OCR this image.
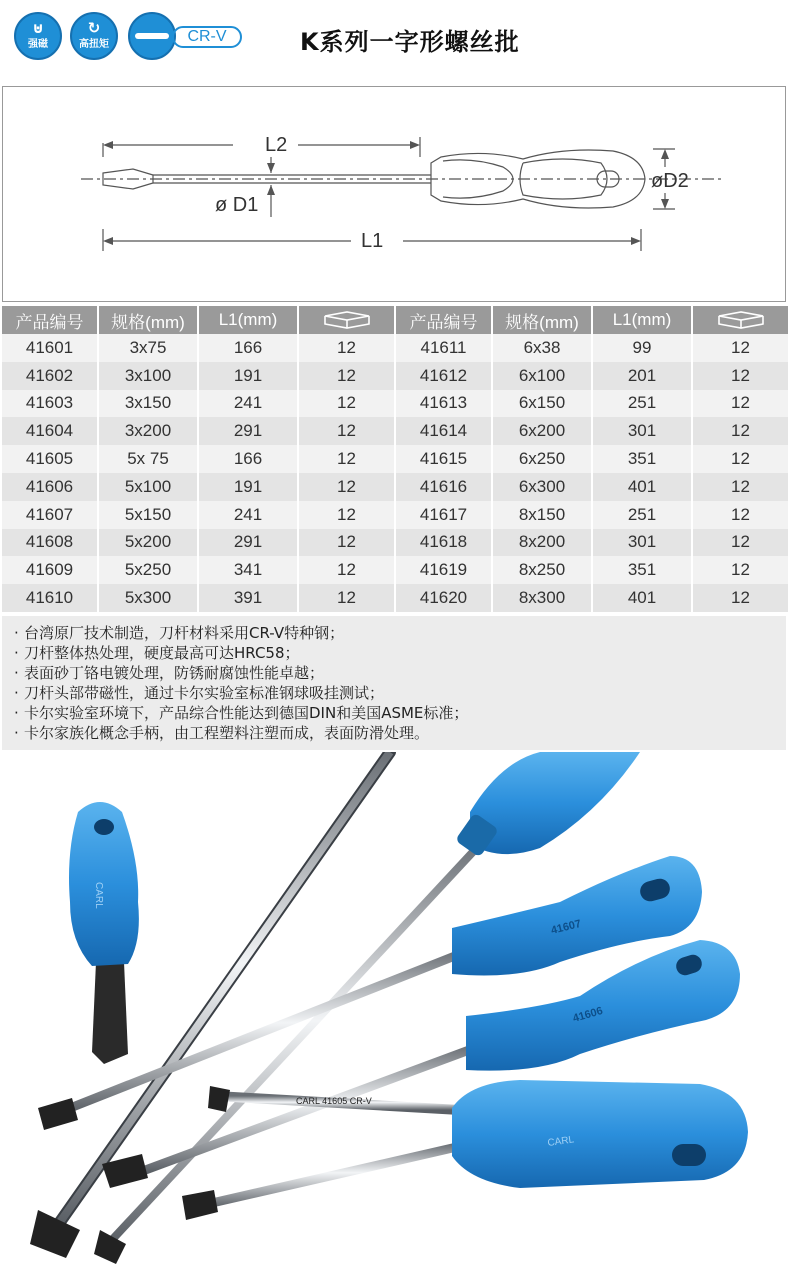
⊍
强磁
↻
高扭矩	CR-V	K系列一字形螺丝批
L2
ø D1
øD2
L1
产品编号	规格(mm)	L1(mm)	
41601	3x75	166	12
41602	3x100	191	12
41603	3x150	241	12
41604	3x200	291	12
41605	5x 75	166	12
41606	5x100	191	12
41607	5x150	241	12
41608	5x200	291	12
41609	5x250	341	12
41610	5x300	391	12
产品编号	规格(mm)	L1(mm)	
41611	6x38	99	12
41612	6x100	201	12
41613	6x150	251	12
41614	6x200	301	12
41615	6x250	351	12
41616	6x300	401	12
41617	8x150	251	12
41618	8x200	301	12
41619	8x250	351	12
41620	8x300	401	12
· 台湾原厂技术制造，刀杆材料采用CR-V特种钢；
· 刀杆整体热处理，硬度最高可达HRC58；
· 表面砂丁铬电镀处理，防锈耐腐蚀性能卓越；
· 刀杆头部带磁性，通过卡尔实验室标准钢球吸挂测试；
· 卡尔实验室环境下，产品综合性能达到德国DIN和美国ASME标准；
· 卡尔家族化概念手柄，由工程塑料注塑而成，表面防滑处理。
CARL
41607
41606
CARL 41605 CR-V
CARL
